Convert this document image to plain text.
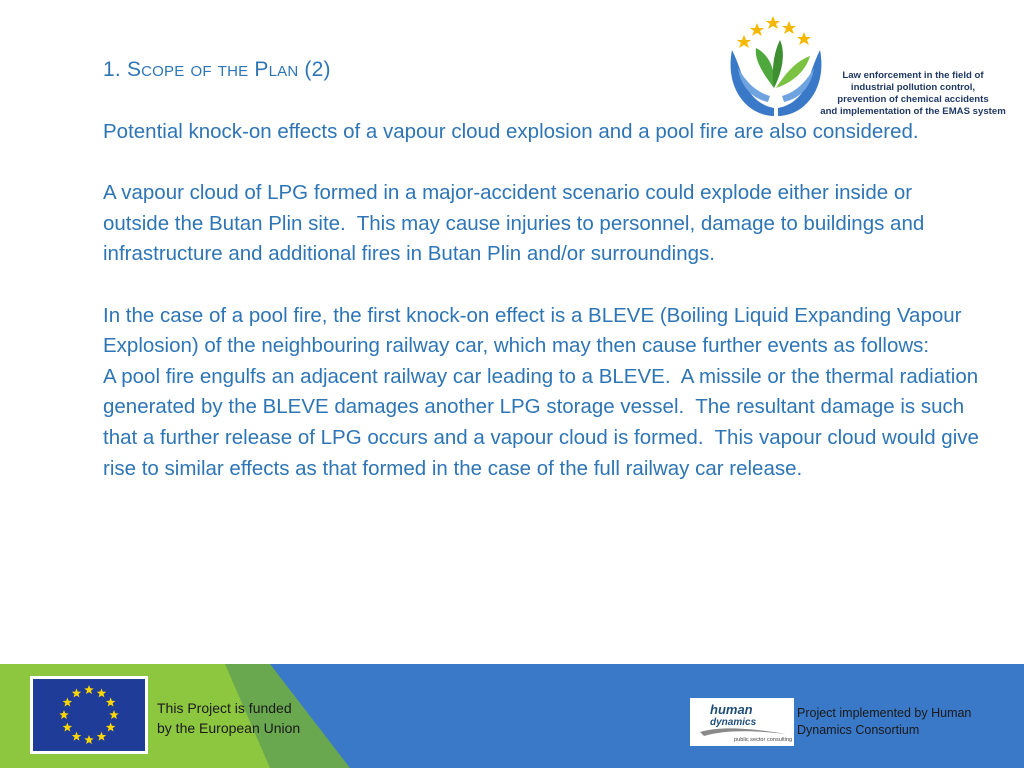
1. Scope of the Plan (2)

Potential knock-on effects of a vapour cloud explosion and a pool fire are also considered.

A vapour cloud of LPG formed in a major-accident scenario could explode either inside or outside the Butan Plin site.  This may cause injuries to personnel, damage to buildings and infrastructure and additional fires in Butan Plin and/or surroundings.

In the case of a pool fire, the first knock-on effect is a BLEVE (Boiling Liquid Expanding Vapour Explosion) of the neighbouring railway car, which may then cause further events as follows:

A pool fire engulfs an adjacent railway car leading to a BLEVE.  A missile or the thermal radiation generated by the BLEVE damages another LPG storage vessel.  The resultant damage is such that a further release of LPG occurs and a vapour cloud is formed.  This vapour cloud would give rise to similar effects as that formed in the case of the full railway car release.

Law enforcement in the field of
industrial pollution control,
prevention of chemical accidents
and implementation of the EMAS system

This Project is funded
by the European Union

human
dynamics

public sector consulting

Project implemented by Human
Dynamics Consortium
